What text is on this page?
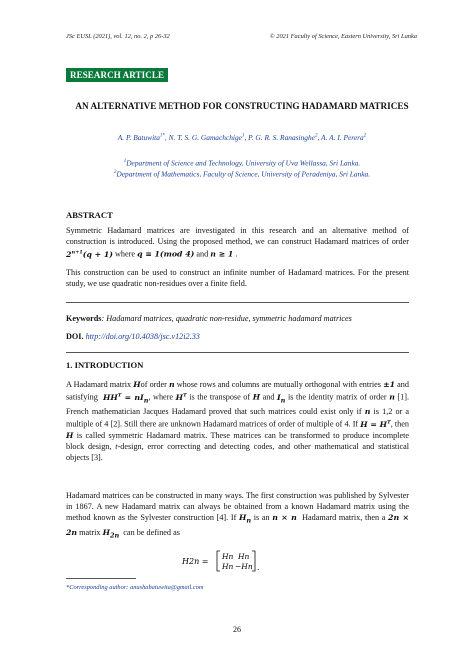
JSc EUSL (2021), vol. 12, no. 2, p 26-32	© 2021 Faculty of Science, Eastern University, Sri Lanka
RESEARCH ARTICLE
AN ALTERNATIVE METHOD FOR CONSTRUCTING HADAMARD MATRICES
A. P. Batuwita$^{1*}$, N. T. S. G. Gamachchige$^1$, P. G. R. S. Ranasinghe$^2$, A. A. I. Perera$^2$
$^1$Department of Science and Technology, University of Uva Wellassa, Sri Lanka.
$^2$Department of Mathematics, Faculty of Science, University of Peradeniya, Sri Lanka.
ABSTRACT
Symmetric Hadamard matrices are investigated in this research and an alternative method of construction is introduced. Using the proposed method, we can construct Hadamard matrices of order $2^{n+1}(q + 1)$ where q ≡ 1(mod 4) and n ≥ 1 .
This construction can be used to construct an infinite number of Hadamard matrices. For the present study, we use quadratic non-residues over a finite field.
Keywords: Hadamard matrices, quadratic non-residue, symmetric hadamard matrices
DOI. http://doi.org/10.4038/jsc.v12i2.33
1. INTRODUCTION
A Hadamard matrix Hof order n whose rows and columns are mutually orthogonal with entries ±1 and satisfying  $HH^T = nI_n$, where $H^T$ is the transpose of H and $I_n$ is the identity matrix of order n [1]. French mathematician Jacques Hadamard proved that such matrices could exist only if n is 1,2 or a multiple of 4 [2]. Still there are unknown Hadamard matrices of order of multiple of 4. If $H = H^T$, then H is called symmetric Hadamard matrix. These matrices can be transformed to produce incomplete block design, t-design, error correcting and detecting codes, and other mathematical and statistical objects [3].
Hadamard matrices can be constructed in many ways. The first construction was published by Sylvester in 1867. A new Hadamard matrix can always be obtained from a known Hadamard matrix using the method known as the Sylvester construction [4]. If $H_n$ is an n × n  Hadamard matrix, then a 2n × 2n matrix $H_{2n}$  can be defined as
H2n =
Hn Hn
Hn −Hn .
*Corresponding author: anushabatuwita@gmail.com
26
